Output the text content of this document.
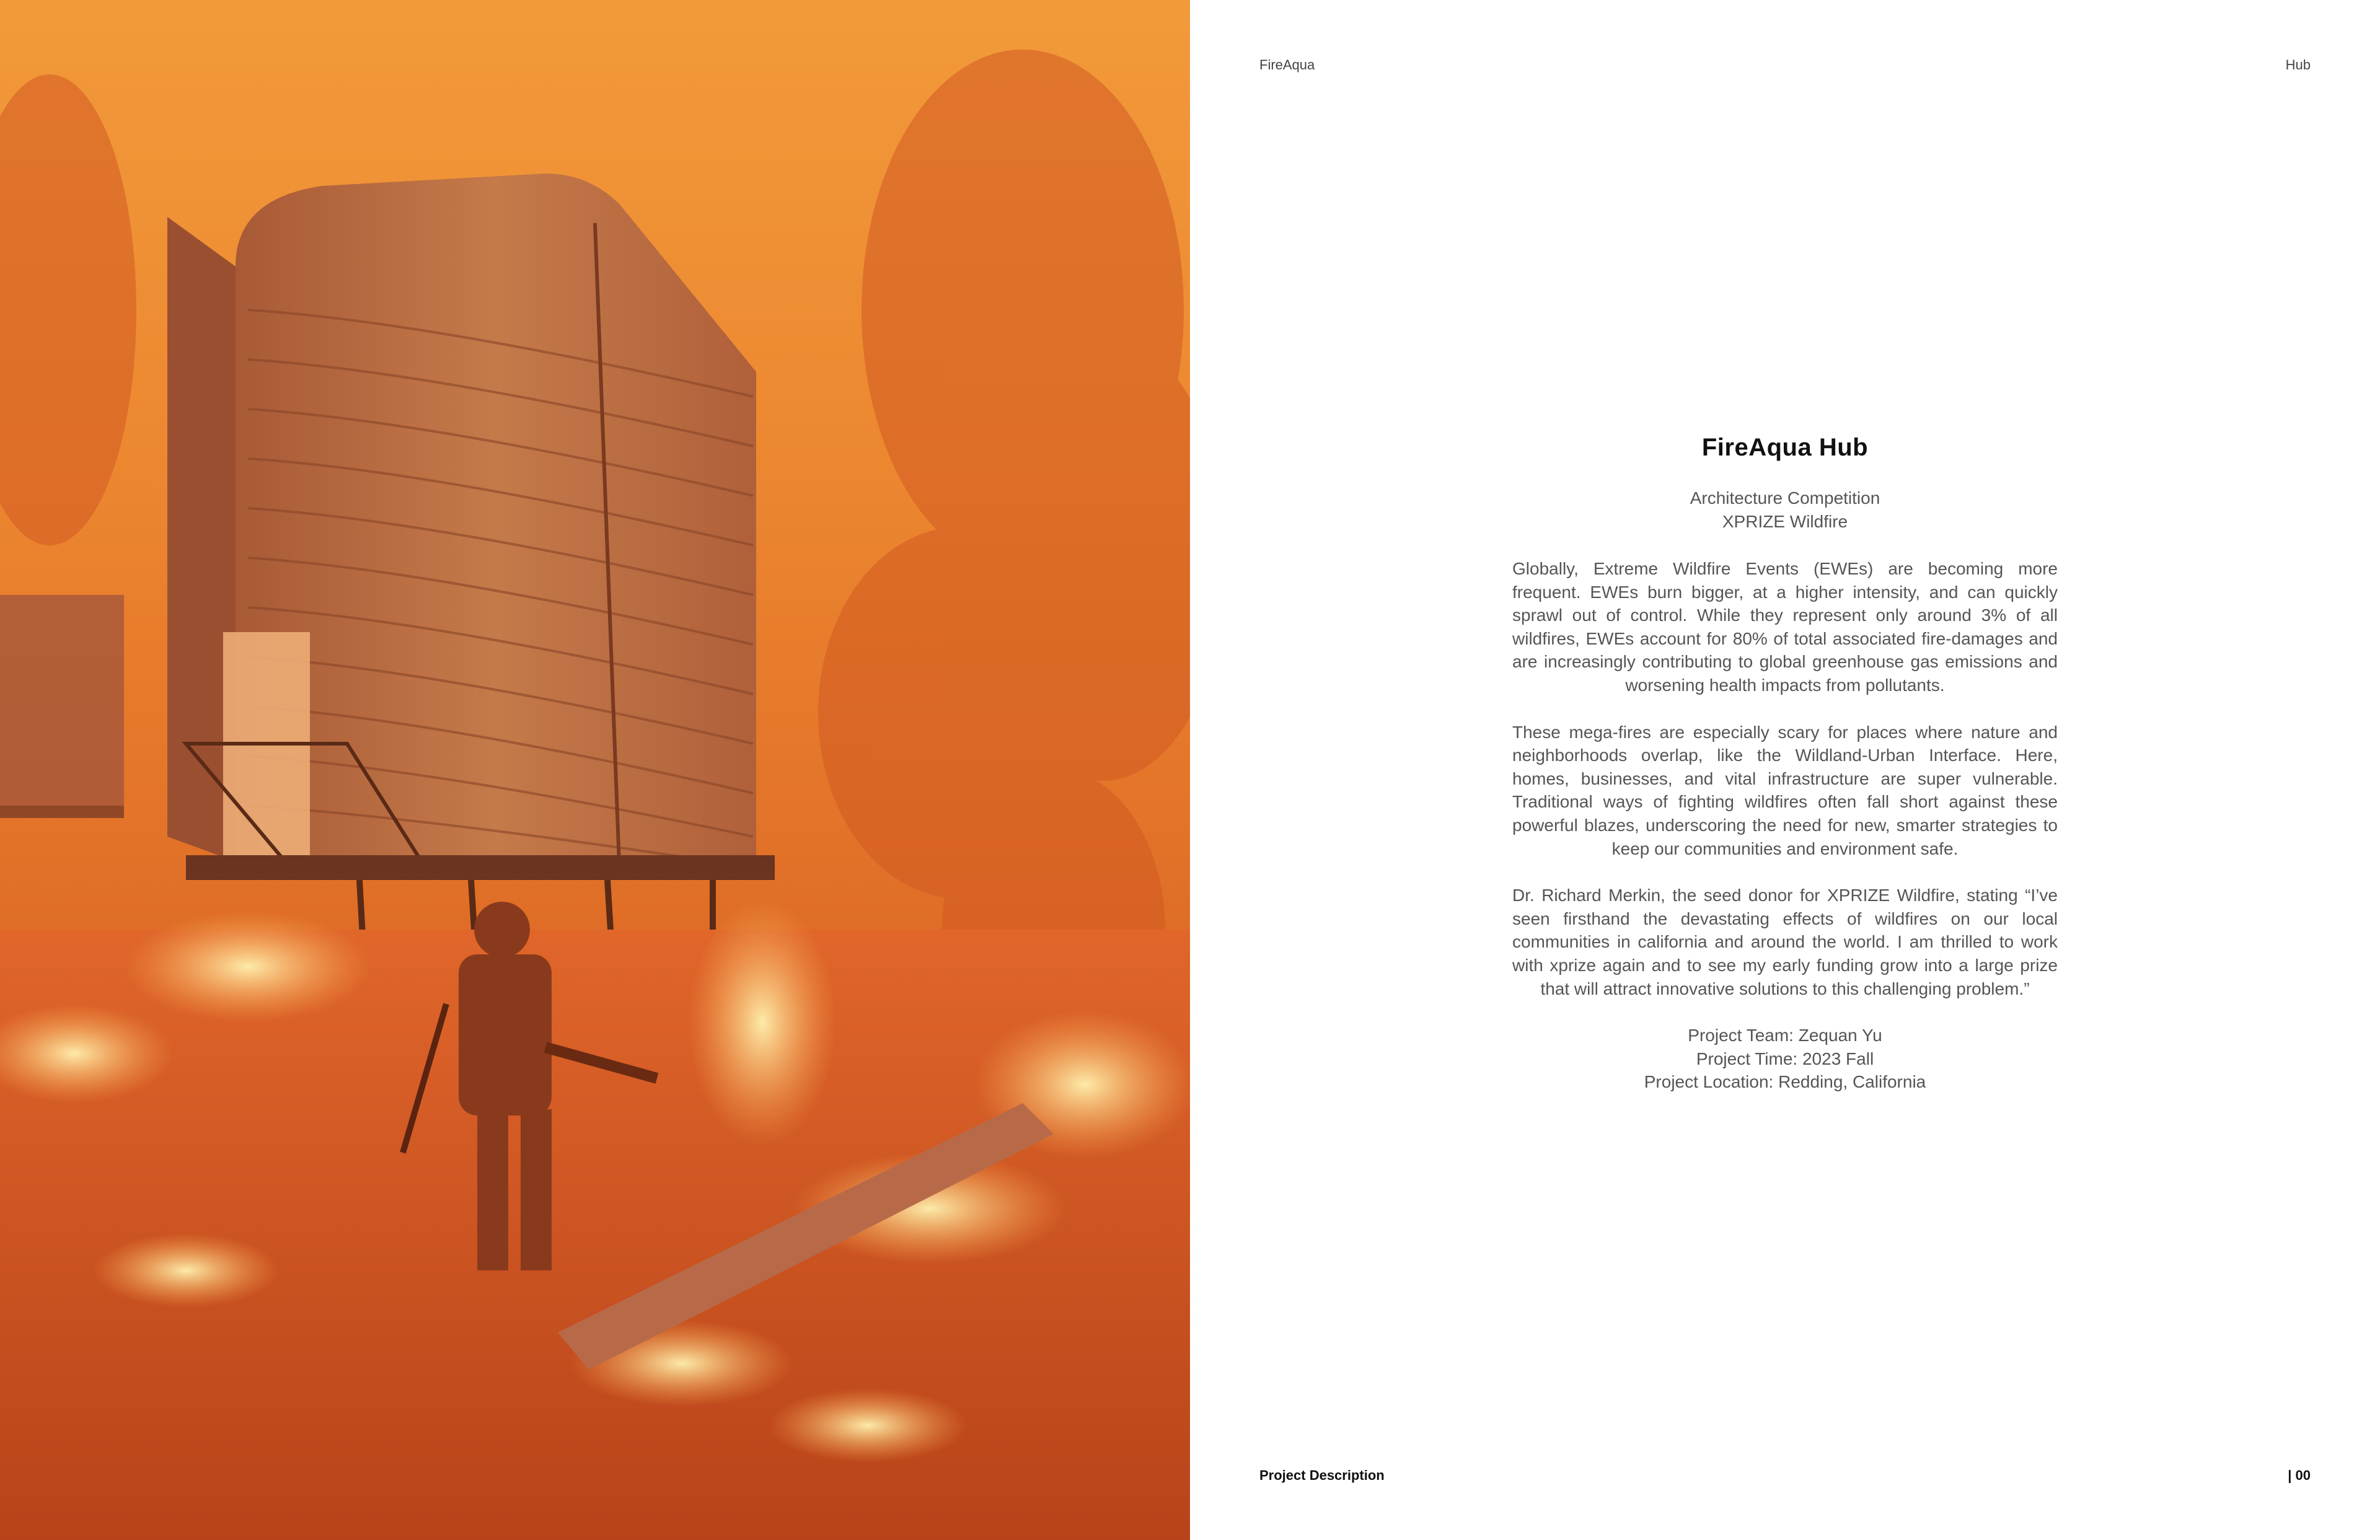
FireAqua	Hub
FireAqua Hub

Architecture Competition

XPRIZE Wildfire

Globally, Extreme Wildfire Events (EWEs) are becoming more frequent. EWEs burn bigger, at a higher intensity, and can quickly sprawl out of control. While they represent only around 3% of all wildfires, EWEs account for 80% of total associated fire-damages and are increasingly contributing to global greenhouse gas emissions and worsening health impacts from pollutants.

These mega-fires are especially scary for places where nature and neighborhoods overlap, like the Wildland-Urban Interface. Here, homes, businesses, and vital infrastructure are super vulnerable. Traditional ways of fighting wildfires often fall short against these powerful blazes, underscoring the need for new, smarter strategies to keep our communities and environment safe.

Dr. Richard Merkin, the seed donor for XPRIZE Wildfire, stating “I’ve seen firsthand the devastating effects of wildfires on our local communities in california and around the world. I am thrilled to work with xprize again and to see my early funding grow into a large prize that will attract innovative solutions to this challenging problem.”

Project Team: Zequan Yu

Project Time: 2023 Fall

Project Location: Redding, California

Project Description	| 00
